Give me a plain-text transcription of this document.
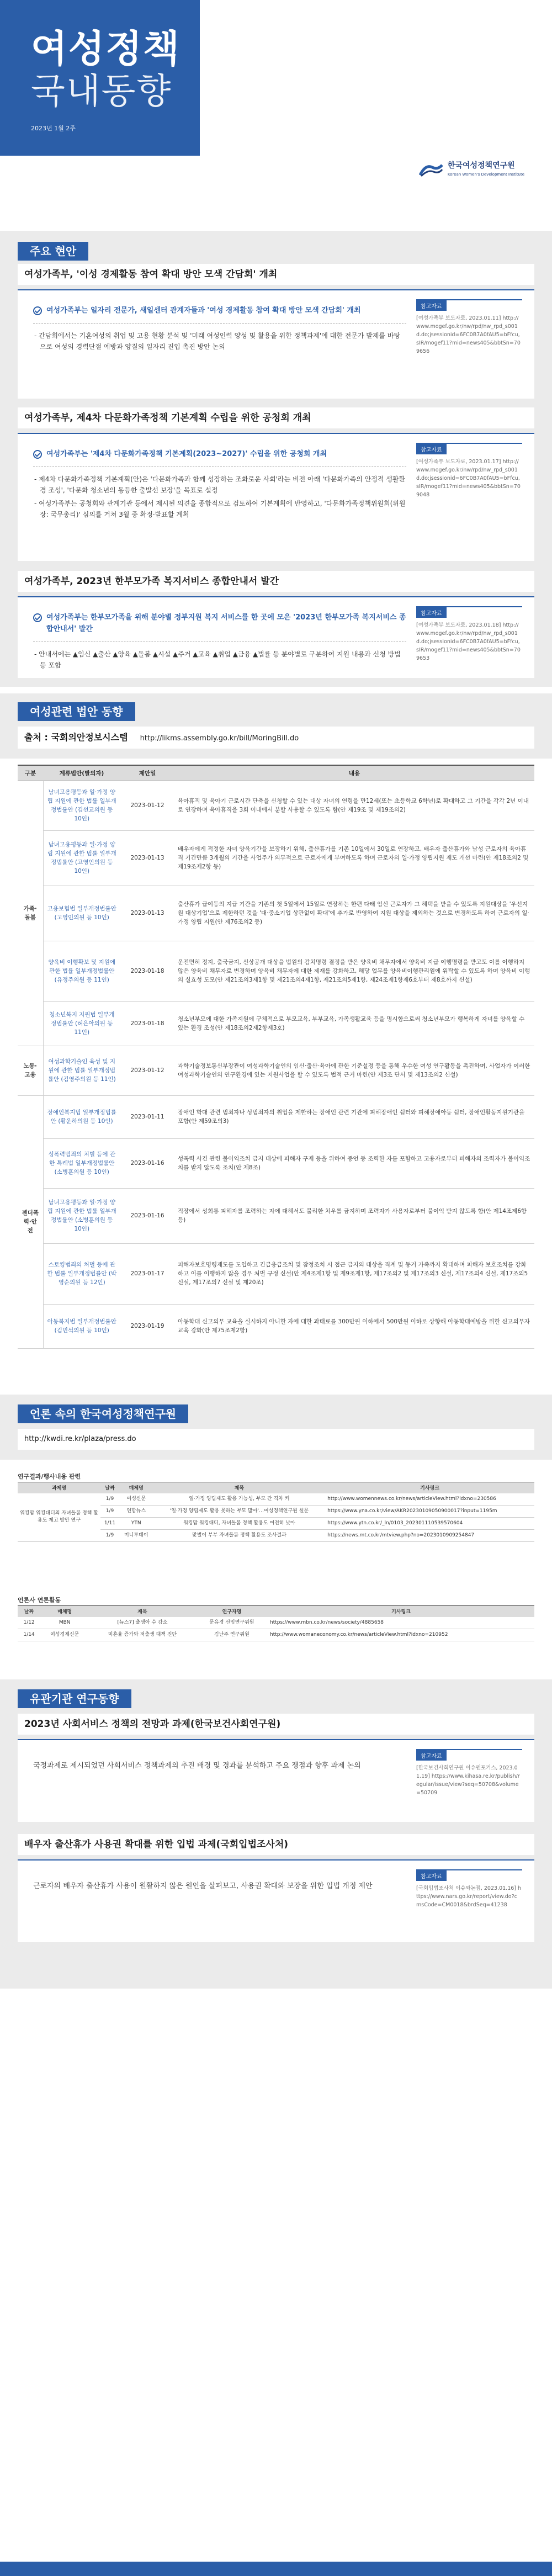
여성정책
국내동향
2023년 1월 2주
한국여성정책연구원
Korean Women's Development Institute
주요 현안
여성가족부, '이성 경제활동 참여 확대 방안 모색 간담회' 개최
여성가족부는 일자리 전문가, 새일센터 관계자들과 '여성 경제활동 참여 확대 방안 모색 간담회' 개최
- 간담회에서는 기혼여성의 취업 및 고용 현황 분석 및 '미래 여성인력 양성 및 활용을 위한 정책과제'에 대한 전문가 발제를 바탕으로 여성의 경력단절 예방과 양질의 일자리 진입 촉진 방안 논의
참고자료
[여성가족부 보도자료, 2023.01.11] http://www.mogef.go.kr/nw/rpd/nw_rpd_s001d.do;jsessionid=6FC0B7A0fAU5=bFfcu,sIR/mogef11?mid=news405&bbtSn=709656
여성가족부, 제4차 다문화가족정책 기본계획 수립을 위한 공청회 개최
여성가족부는 '제4차 다문화가족정책 기본계획(2023~2027)' 수립을 위한 공청회 개최
- 제4차 다문화가족정책 기본계획(안)은 '다문화가족과 함께 성장하는 조화로운 사회'라는 비전 아래 '다문화가족의 안정적 생활환경 조성', '다문화 청소년의 동등한 출발선 보장'을 목표로 설정
- 여성가족부는 공청회와 관계기관 등에서 제시된 의견을 종합적으로 검토하여 기본계획에 반영하고, '다문화가족정책위원회(위원장: 국무총리)' 심의를 거쳐 3월 중 확정·발표할 계획
참고자료
[여성가족부 보도자료, 2023.01.17] http://www.mogef.go.kr/nw/rpd/nw_rpd_s001d.do;jsessionid=6FC0B7A0fAU5=bFfcu,sIR/mogef11?mid=news405&bbtSn=709048
여성가족부, 2023년 한부모가족 복지서비스 종합안내서 발간
여성가족부는 한부모가족을 위해 분야별 정부지원 복지 서비스를 한 곳에 모은 '2023년 한부모가족 복지서비스 종합안내서' 발간
- 안내서에는 ▲임신 ▲출산 ▲양육 ▲돌봄 ▲시설 ▲주거 ▲교육 ▲취업 ▲금융 ▲법률 등 분야별로 구분하여 지원 내용과 신청 방법 등 포함
참고자료
[여성가족부 보도자료, 2023.01.18] http://www.mogef.go.kr/nw/rpd/nw_rpd_s001d.do;jsessionid=6FC0B7A0fAU5=bFfcu,sIR/mogef11?mid=news405&bbtSn=709653
여성관련 법안 동향
출처 : 국회의안정보시스템 http://likms.assembly.go.kr/bill/MoringBill.do
구분	계류법안(발의자)	제안일	내용
가족·돌봄	남녀고용평등과 일·가정 양립 지원에 관한 법률 일부개정법률안 (김선교의원 등 10인)	2023-01-12	육아휴직 및 육아기 근로시간 단축을 신청할 수 있는 대상 자녀의 연령을 만12세(또는 초등학교 6학년)로 확대하고 그 기간을 각각 2년 이내로 연장하며 육아휴직을 3회 이내에서 분할 사용할 수 있도록 함(안 제19조 및 제19조의2)
	남녀고용평등과 일·가정 양립 지원에 관한 법률 일부개정법률안 (고영인의원 등 10인)	2023-01-13	배우자에게 적정한 자녀 양육기간을 보장하기 위해, 출산휴가를 기존 10일에서 30일로 연장하고, 배우자 출산휴가와 남성 근로자의 육아휴직 기간만큼 3개월의 기간을 사업주가 의무적으로 근로자에게 부여하도록 하며 근로자의 일·가정 양립지원 제도 개선 마련(안 제18조의2 및 제19조제2항 등)
	고용보험법 일부개정법률안 (고영인의원 등 10인)	2023-01-13	출산휴가 급여등의 지급 기간을 기존의 첫 5일에서 15일로 연장하는 한편 다태 임신 근로자가 그 해택을 받을 수 있도록 지원대상을 '우선지원 대상기업'으로 제한하던 것을 '대·중소기업 상관없이 확대'에 추가로 반영하여 지원 대상을 제외하는 것으로 변경하도록 하여 근로자의 일·가정 양립 지원(안 제76조의2 등)
	양육비 이행확보 및 지원에 관한 법률 일부개정법률안 (유정주의원 등 11인)	2023-01-18	운전면허 정지, 출국금지, 신상공개 대상을 법원의 감치명령 결정을 받은 양육비 채무자에서 양육비 지급 이행명령을 받고도 이를 이행하지 않은 양육비 채무자로 변경하며 양육비 채무자에 대한 제재를 강화하고, 해당 업무를 양육비이행관리원에 위탁할 수 있도록 하며 양육비 이행의 실효성 도모(안 제21조의3제1항 및 제21조의4제1항, 제21조의5제1항, 제24조제1항제6호부터 제8호까지 신설)
	청소년복지 지원법 일부개정법률안 (허은아의원 등 11인)	2023-01-18	청소년부모에 대한 가족지원에 구체적으로 부모교육, 부부교육, 가족생활교육 등을 명시함으로써 청소년부모가 행복하게 자녀를 양육할 수 있는 환경 조성(안 제18조의2제2항제3호)
노동·고용	여성과학기술인 육성 및 지원에 관한 법률 일부개정법률안 (김영주의원 등 11인)	2023-01-12	과학기술정보통신부장관이 여성과학기술인의 임신·출산·육아에 관한 기준설정 등을 통해 우수한 여성 연구활동을 촉진하며, 사업자가 이러한 여성과학기술인의 연구환경에 있는 지원사업을 할 수 있도록 법적 근거 마련(안 제3조 단서 및 제13조의2 신설)
젠더폭력·안전	장애인복지법 일부개정법률안 (황운하의원 등 10인)	2023-01-11	장애인 학대 관련 범죄자나 성범죄자의 취업을 제한하는 장애인 관련 기관에 피해장애인 쉼터와 피해장애아동 쉼터, 장애인활동지원기관을 포함(안 제59조의3)
	성폭력범죄의 처벌 등에 관한 특례법 일부개정법률안 (소병훈의원 등 10인)	2023-01-16	성폭력 사건 관련 불이익조치 금지 대상에 피해자 구제 등을 위하여 증언 등 조력한 자를 포함하고 고용자로부터 피해자의 조력자가 불이익조치를 받지 않도록 조치(안 제8조)
	남녀고용평등과 일·가정 양립 지원에 관한 법률 일부개정법률안 (소병훈의원 등 10인)	2023-01-16	직장에서 성희롱 피해자를 조력하는 자에 대해서도 불리한 처우를 금지하며 조력자가 사용자로부터 불이익 받지 않도록 함(안 제14조제6항 등)
	스토킹범죄의 처벌 등에 관한 법률 일부개정법률안 (박영순의원 등 12인)	2023-01-17	피해자보호명령제도를 도입하고 긴급응급조치 및 잠정조치 시 접근 금지의 대상을 직계 및 동거 가족까지 확대하며 피해자 보호조치를 강화하고 이를 이행하지 않을 경우 처벌 규정 신설(안 제4조제1항 및 제9조제1항, 제17조의2 및 제17조의3 신설, 제17조의4 신설, 제17조의5 신설, 제17조의7 신설 및 제20조)
	아동복지법 일부개정법률안 (김민석의원 등 10인)	2023-01-19	아동학대 신고의무 교육을 실시하지 아니한 자에 대한 과태료를 300만원 이하에서 500만원 이하로 상향해 아동학대예방을 위한 신고의무자교육 강화(안 제75조제2항)
언론 속의 한국여성정책연구원
http://kwdi.re.kr/plaza/press.do
연구결과/행사내용 관련
과제명	날짜	매체명	제목	기사링크
워킹맘 워킹대디의 자녀돌봄 정책 활용도 제고 방안 연구	1/9	여성신문	일·가정 양립제도 활용 가능성, 부모 간 격차 커	http://www.womennews.co.kr/news/articleView.html?idxno=230586
	1/9	연합뉴스	'일·가정 양립제도 활용 못하는 부모 많아'…여성정책연구원 설문	https://www.yna.co.kr/view/AKR20230109050900017?input=1195m
	1/11	YTN	워킹맘 워킹대디, 자녀돌봄 정책 활용도 여전히 낮아	https://www.ytn.co.kr/_ln/0103_202301110539570604
	1/9	머니투데이	맞벌이 부부 자녀돌봄 정책 활용도 조사결과	https://news.mt.co.kr/mtview.php?no=2023010909254847
언론사 연론활동
날짜	매체명	제목	연구자명	기사링크
1/12	MBN	[뉴스7] 출생아 수 감소	문유경 선임연구위원	https://www.mbn.co.kr/news/society/4885658
1/14	여성경제신문	미혼율 증가와 저출생 대책 진단	김난주 연구위원	http://www.womaneconomy.co.kr/news/articleView.html?idxno=210952
유관기관 연구동향
2023년 사회서비스 정책의 전망과 과제(한국보건사회연구원)
국정과제로 제시되었던 사회서비스 정책과제의 추진 배경 및 경과를 분석하고 주요 쟁점과 향후 과제 논의
참고자료
[한국보건사회연구원 이슈앤포커스, 2023.01.19] https://www.kihasa.re.kr/publish/regular/issue/view?seq=50708&volume=50709
배우자 출산휴가 사용권 확대를 위한 입법 과제(국회입법조사처)
근로자의 배우자 출산휴가 사용이 원활하지 않은 원인을 살펴보고, 사용권 확대와 보장을 위한 입법 개정 제안
참고자료
[국회입법조사처 이슈와논점, 2023.01.16] https://www.nars.go.kr/report/view.do?cmsCode=CM0018&brdSeq=41238
